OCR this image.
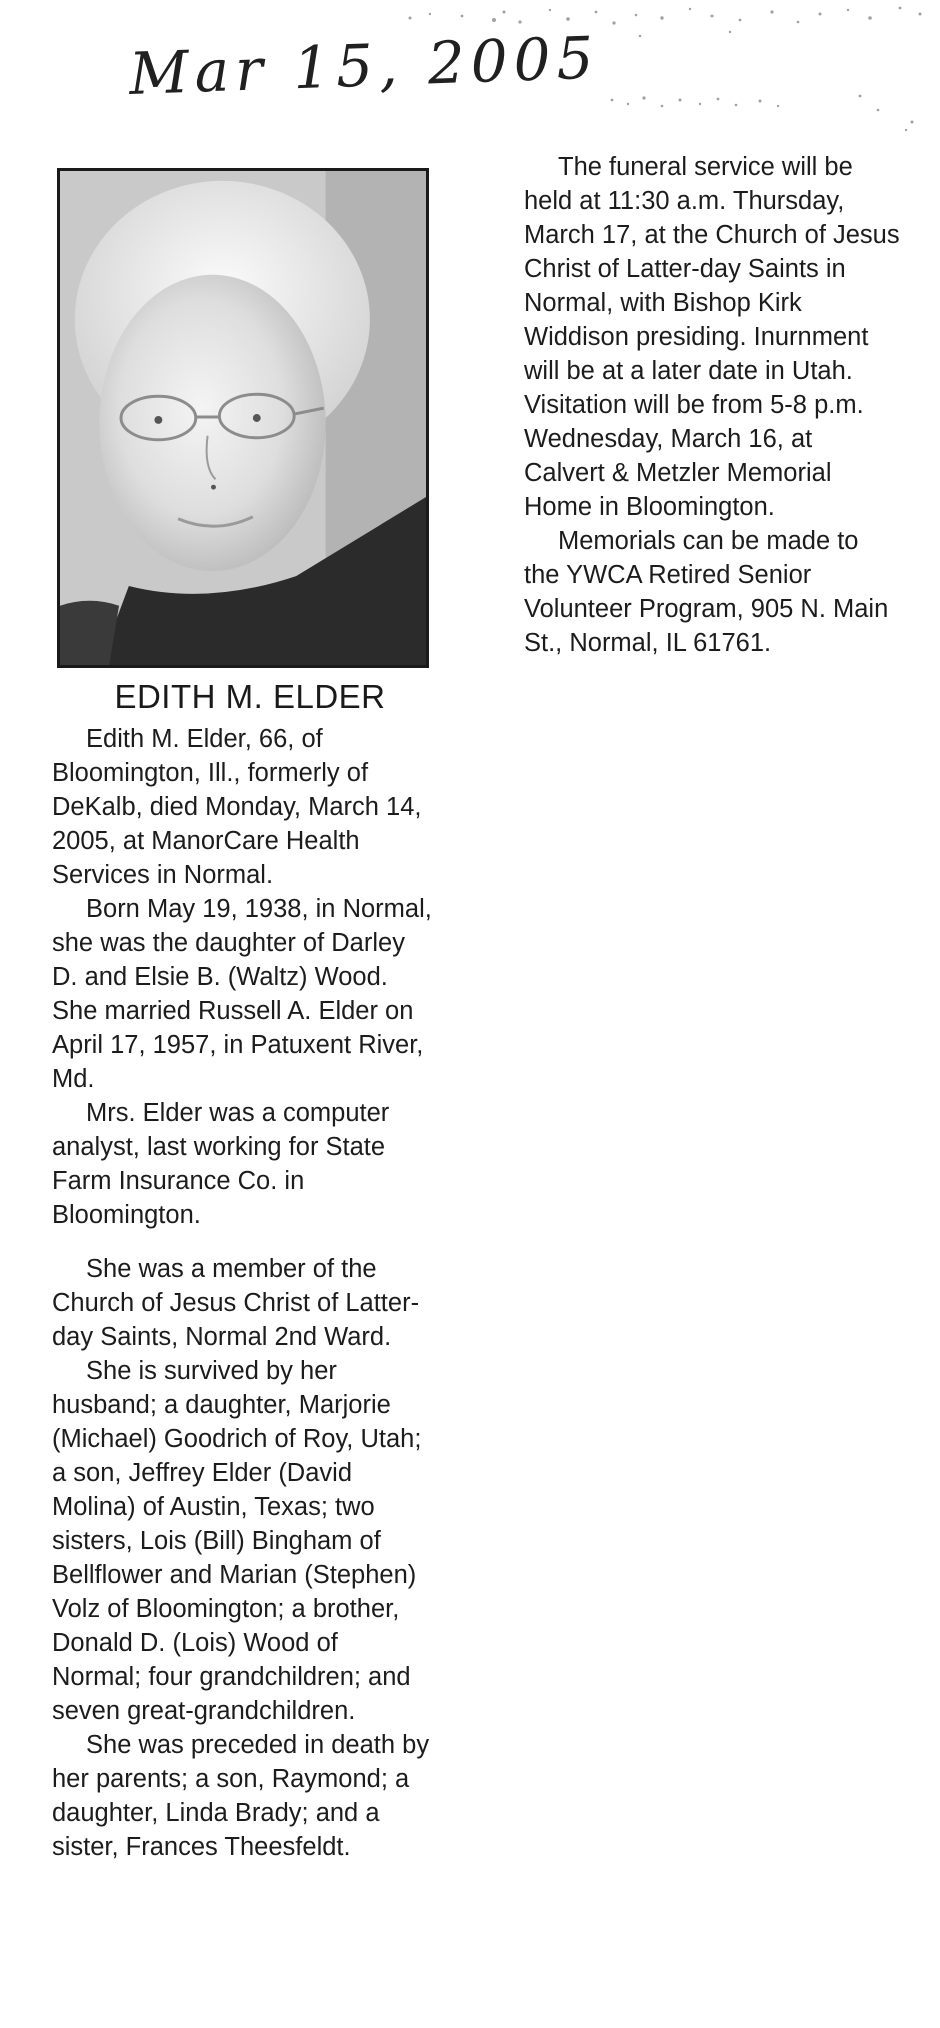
Mar 15, 2005
EDITH M. ELDER

Edith M. Elder, 66, of Bloomington, Ill., formerly of DeKalb, died Monday, March 14, 2005, at ManorCare Health Services in Normal.

Born May 19, 1938, in Normal, she was the daughter of Darley D. and Elsie B. (Waltz) Wood. She married Russell A. Elder on April 17, 1957, in Patuxent River, Md.

Mrs. Elder was a computer analyst, last working for State Farm Insurance Co. in Bloomington.

She was a member of the Church of Jesus Christ of Latter-day Saints, Normal 2nd Ward.

She is survived by her husband; a daughter, Marjorie (Michael) Goodrich of Roy, Utah; a son, Jeffrey Elder (David Molina) of Austin, Texas; two sisters, Lois (Bill) Bingham of Bellflower and Marian (Stephen) Volz of Bloomington; a brother, Donald D. (Lois) Wood of Normal; four grandchildren; and seven great-grandchildren.

She was preceded in death by her parents; a son, Raymond; a daughter, Linda Brady; and a sister, Frances Theesfeldt.

The funeral service will be held at 11:30 a.m. Thursday, March 17, at the Church of Jesus Christ of Latter-day Saints in Normal, with Bishop Kirk Widdison presiding. Inurnment will be at a later date in Utah. Visitation will be from 5-8 p.m. Wednesday, March 16, at Calvert & Metzler Memorial Home in Bloomington.

Memorials can be made to the YWCA Retired Senior Volunteer Program, 905 N. Main St., Normal, IL 61761.
